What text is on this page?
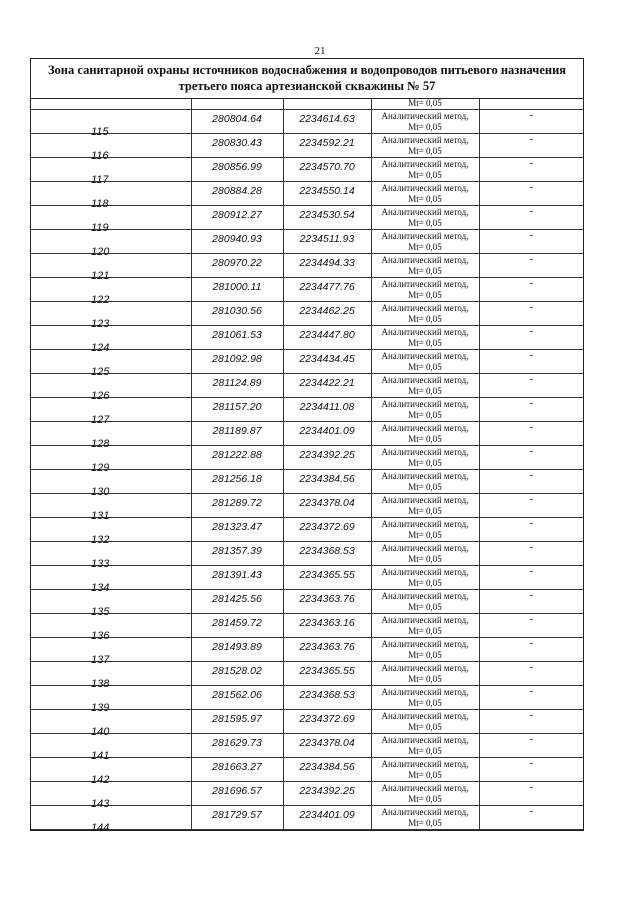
21
Зона санитарной охраны источников водоснабжения и водопроводов питьевого назначения третьего пояса артезианской скважины № 57

			Mt= 0,05	

115	280804.64	2234614.63	Аналитический метод,
Mt= 0,05	-

116	280830.43	2234592.21	Аналитический метод,
Mt= 0,05	-

117	280856.99	2234570.70	Аналитический метод,
Mt= 0,05	-

118	280884.28	2234550.14	Аналитический метод,
Mt= 0,05	-

119	280912.27	2234530.54	Аналитический метод,
Mt= 0,05	-

120	280940.93	2234511.93	Аналитический метод,
Mt= 0,05	-

121	280970.22	2234494.33	Аналитический метод,
Mt= 0,05	-

122	281000.11	2234477.76	Аналитический метод,
Mt= 0,05	-

123	281030.56	2234462.25	Аналитический метод,
Mt= 0,05	-

124	281061.53	2234447.80	Аналитический метод,
Mt= 0,05	-

125	281092.98	2234434.45	Аналитический метод,
Mt= 0,05	-

126	281124.89	2234422.21	Аналитический метод,
Mt= 0,05	-

127	281157.20	2234411.08	Аналитический метод,
Mt= 0,05	-

128	281189.87	2234401.09	Аналитический метод,
Mt= 0,05	-

129	281222.88	2234392.25	Аналитический метод,
Mt= 0,05	-

130	281256.18	2234384.56	Аналитический метод,
Mt= 0,05	-

131	281289.72	2234378.04	Аналитический метод,
Mt= 0,05	-

132	281323.47	2234372.69	Аналитический метод,
Mt= 0,05	-

133	281357.39	2234368.53	Аналитический метод,
Mt= 0,05	-

134	281391.43	2234365.55	Аналитический метод,
Mt= 0,05	-

135	281425.56	2234363.76	Аналитический метод,
Mt= 0,05	-

136	281459.72	2234363.16	Аналитический метод,
Mt= 0,05	-

137	281493.89	2234363.76	Аналитический метод,
Mt= 0,05	-

138	281528.02	2234365.55	Аналитический метод,
Mt= 0,05	-

139	281562.06	2234368.53	Аналитический метод,
Mt= 0,05	-

140	281595.97	2234372.69	Аналитический метод,
Mt= 0,05	-

141	281629.73	2234378.04	Аналитический метод,
Mt= 0,05	-

142	281663.27	2234384.56	Аналитический метод,
Mt= 0,05	-

143	281696.57	2234392.25	Аналитический метод,
Mt= 0,05	-

144	281729.57	2234401.09	Аналитический метод,
Mt= 0,05	-
